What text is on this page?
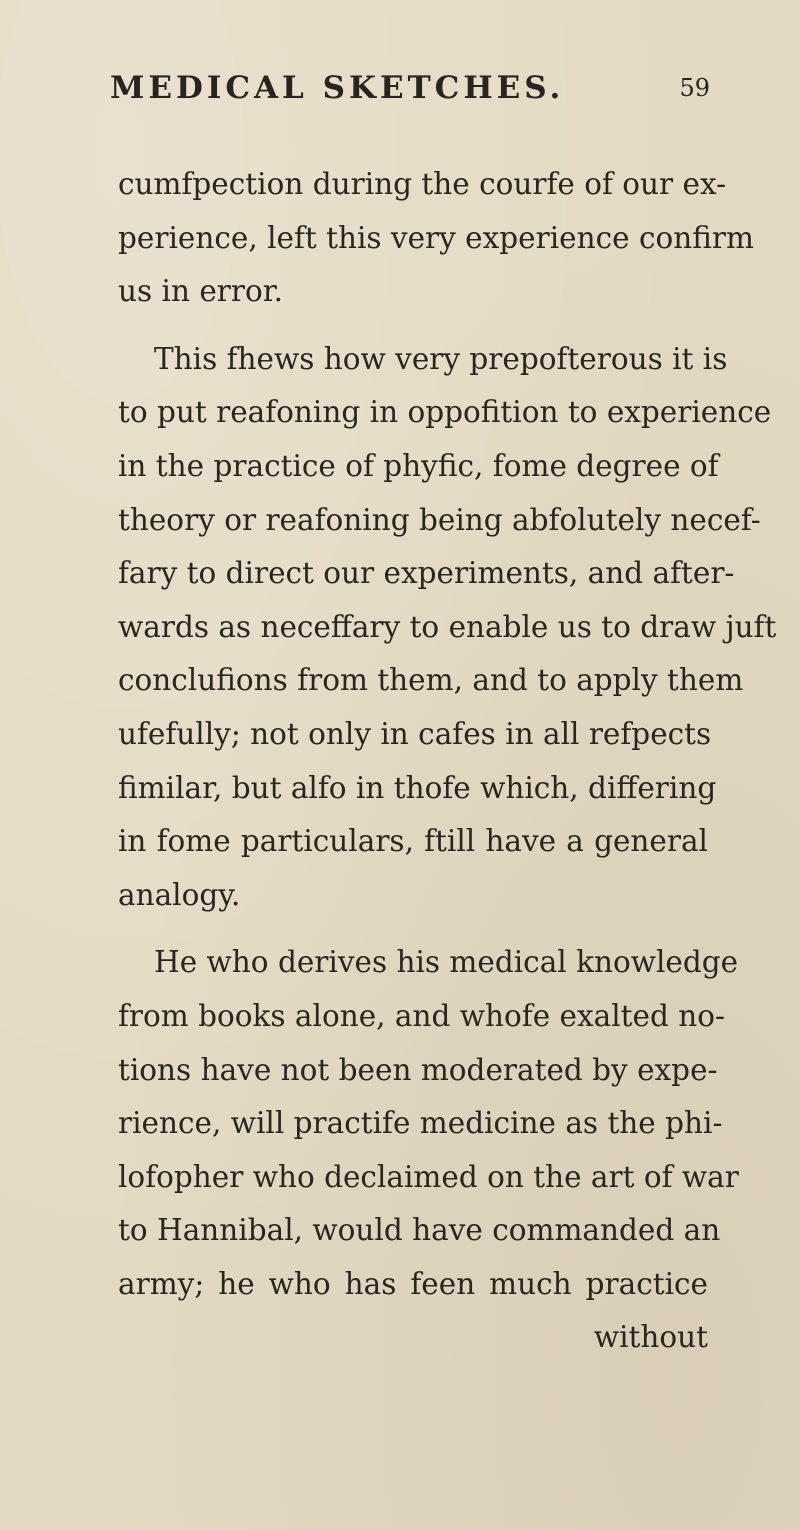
MEDICAL SKETCHES.	59
cumfpection during the courfe of our ex-
perience, left this very experience confirm
us in error.
This fhews how very prepofterous it is
to put reafoning in oppofition to experience
in the practice of phyfic, fome degree of
theory or reafoning being abfolutely necef-
fary to direct our experiments, and after-
wards as neceffary to enable us to draw juft
conclufions from them, and to apply them
ufefully; not only in cafes in all refpects
fimilar, but alfo in thofe which, differing
in fome particulars, ftill have a general
analogy.
He who derives his medical knowledge
from books alone, and whofe exalted no-
tions have not been moderated by expe-
rience, will practife medicine as the phi-
lofopher who declaimed on the art of war
to Hannibal, would have commanded an
army; he who has feen much practice
without
